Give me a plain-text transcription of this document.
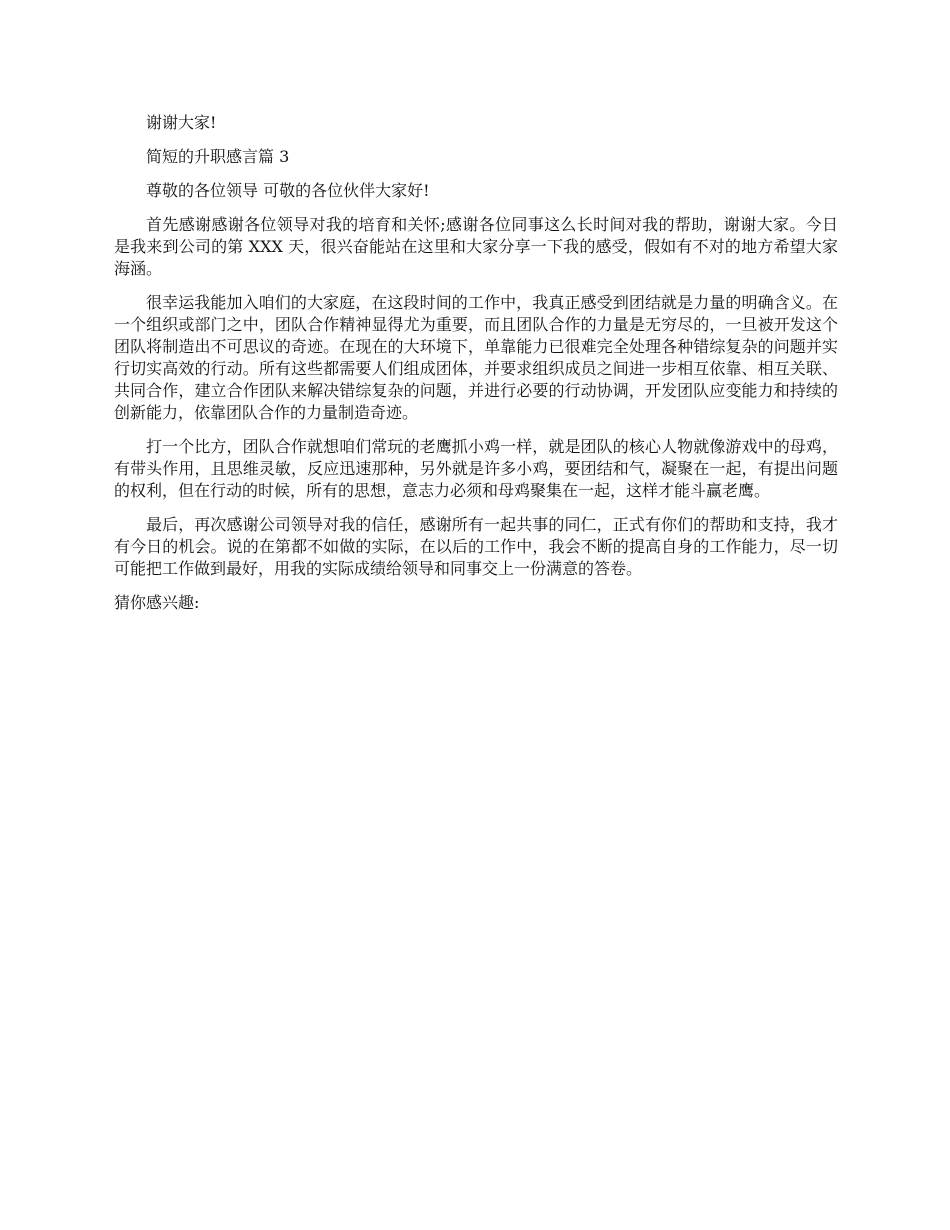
谢谢大家!

简短的升职感言篇 3

尊敬的各位领导 可敬的各位伙伴大家好!

首先感谢感谢各位领导对我的培育和关怀;感谢各位同事这么长时间对我的帮助，谢谢大家。今日是我来到公司的第 XXX 天，很兴奋能站在这里和大家分享一下我的感受，假如有不对的地方希望大家海涵。

很幸运我能加入咱们的大家庭，在这段时间的工作中，我真正感受到团结就是力量的明确含义。在一个组织或部门之中，团队合作精神显得尤为重要，而且团队合作的力量是无穷尽的，一旦被开发这个团队将制造出不可思议的奇迹。在现在的大环境下，单靠能力已很难完全处理各种错综复杂的问题并实行切实高效的行动。所有这些都需要人们组成团体，并要求组织成员之间进一步相互依靠、相互关联、共同合作，建立合作团队来解决错综复杂的问题，并进行必要的行动协调，开发团队应变能力和持续的创新能力，依靠团队合作的力量制造奇迹。

打一个比方，团队合作就想咱们常玩的老鹰抓小鸡一样，就是团队的核心人物就像游戏中的母鸡，有带头作用，且思维灵敏，反应迅速那种，另外就是许多小鸡，要团结和气，凝聚在一起，有提出问题的权利，但在行动的时候，所有的思想，意志力必须和母鸡聚集在一起，这样才能斗赢老鹰。

最后，再次感谢公司领导对我的信任，感谢所有一起共事的同仁，正式有你们的帮助和支持，我才有今日的机会。说的在第都不如做的实际，在以后的工作中，我会不断的提高自身的工作能力，尽一切可能把工作做到最好，用我的实际成绩给领导和同事交上一份满意的答卷。

猜你感兴趣:
